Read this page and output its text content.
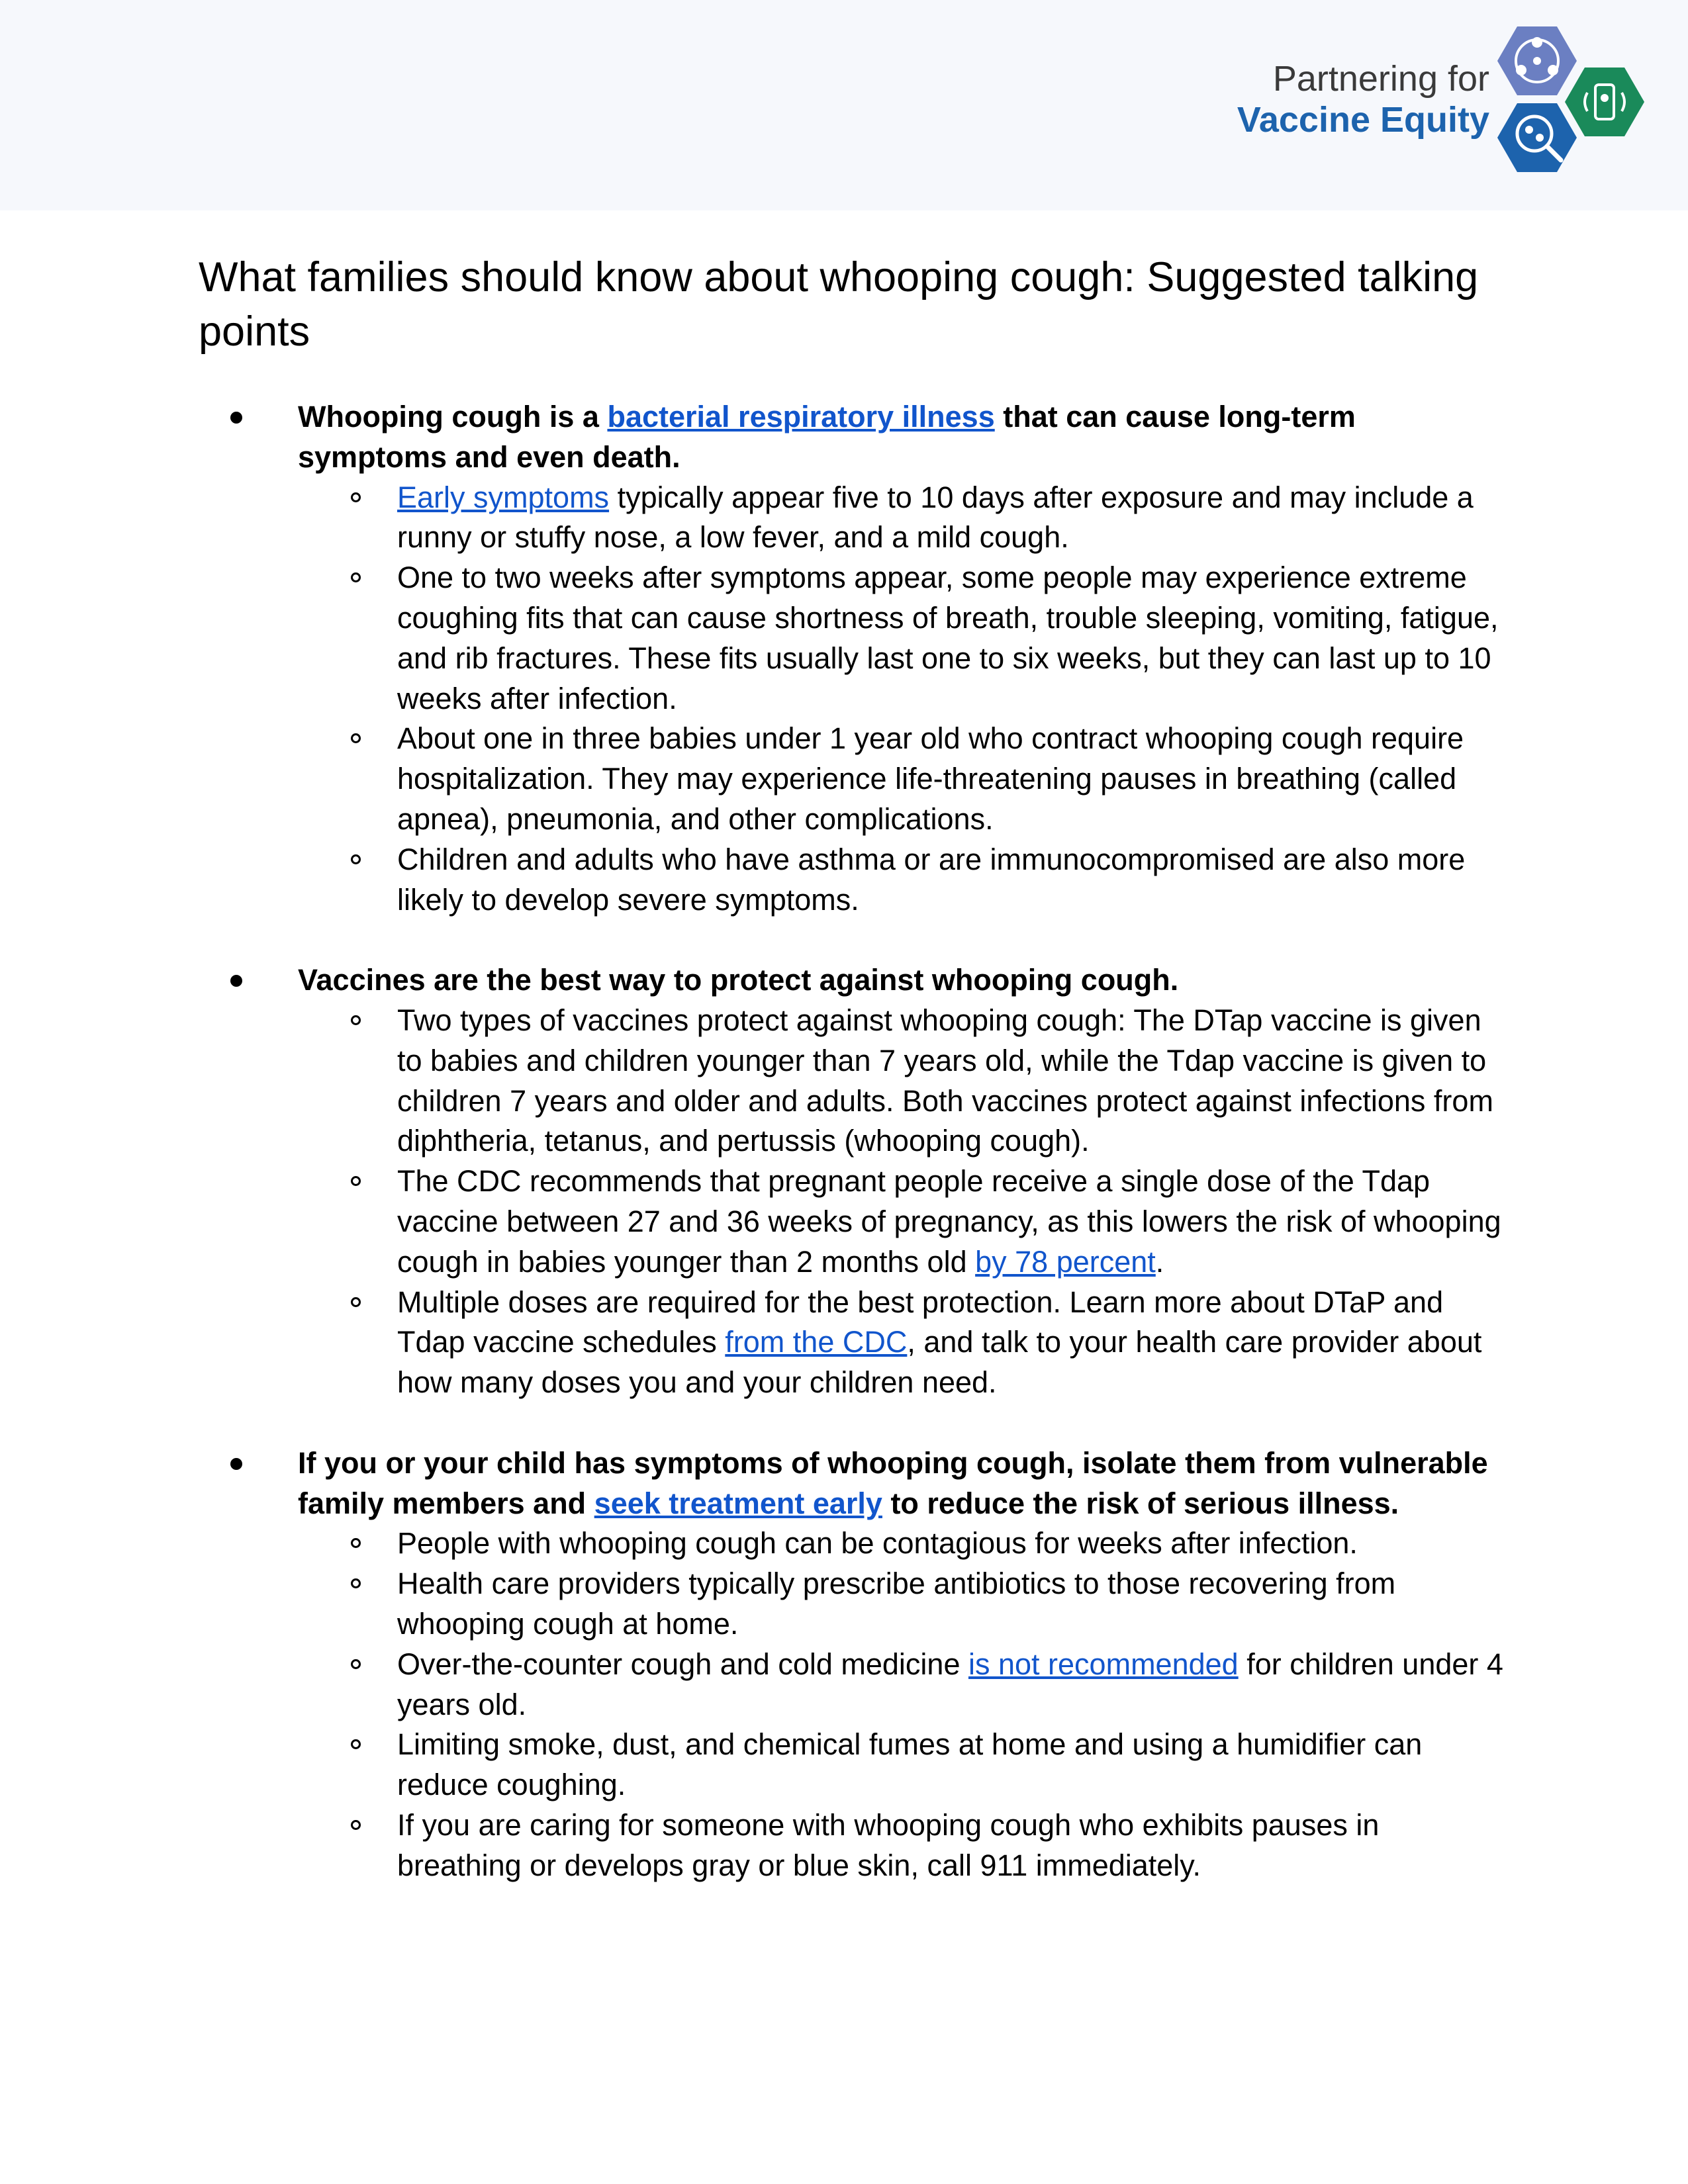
Partnering for
Vaccine Equity
What families should know about whooping cough: Suggested talking points
Whooping cough is a bacterial respiratory illness that can cause long-term symptoms and even death.
Early symptoms typically appear five to 10 days after exposure and may include a runny or stuffy nose, a low fever, and a mild cough.
One to two weeks after symptoms appear, some people may experience extreme coughing fits that can cause shortness of breath, trouble sleeping, vomiting, fatigue, and rib fractures. These fits usually last one to six weeks, but they can last up to 10 weeks after infection.
About one in three babies under 1 year old who contract whooping cough require hospitalization. They may experience life-threatening pauses in breathing (called apnea), pneumonia, and other complications.
Children and adults who have asthma or are immunocompromised are also more likely to develop severe symptoms.
Vaccines are the best way to protect against whooping cough.
Two types of vaccines protect against whooping cough: The DTap vaccine is given to babies and children younger than 7 years old, while the Tdap vaccine is given to children 7 years and older and adults. Both vaccines protect against infections from diphtheria, tetanus, and pertussis (whooping cough).
The CDC recommends that pregnant people receive a single dose of the Tdap vaccine between 27 and 36 weeks of pregnancy, as this lowers the risk of whooping cough in babies younger than 2 months old by 78 percent.
Multiple doses are required for the best protection. Learn more about DTaP and Tdap vaccine schedules from the CDC, and talk to your health care provider about how many doses you and your children need.
If you or your child has symptoms of whooping cough, isolate them from vulnerable family members and seek treatment early to reduce the risk of serious illness.
People with whooping cough can be contagious for weeks after infection.
Health care providers typically prescribe antibiotics to those recovering from whooping cough at home.
Over-the-counter cough and cold medicine is not recommended for children under 4 years old.
Limiting smoke, dust, and chemical fumes at home and using a humidifier can reduce coughing.
If you are caring for someone with whooping cough who exhibits pauses in breathing or develops gray or blue skin, call 911 immediately.
